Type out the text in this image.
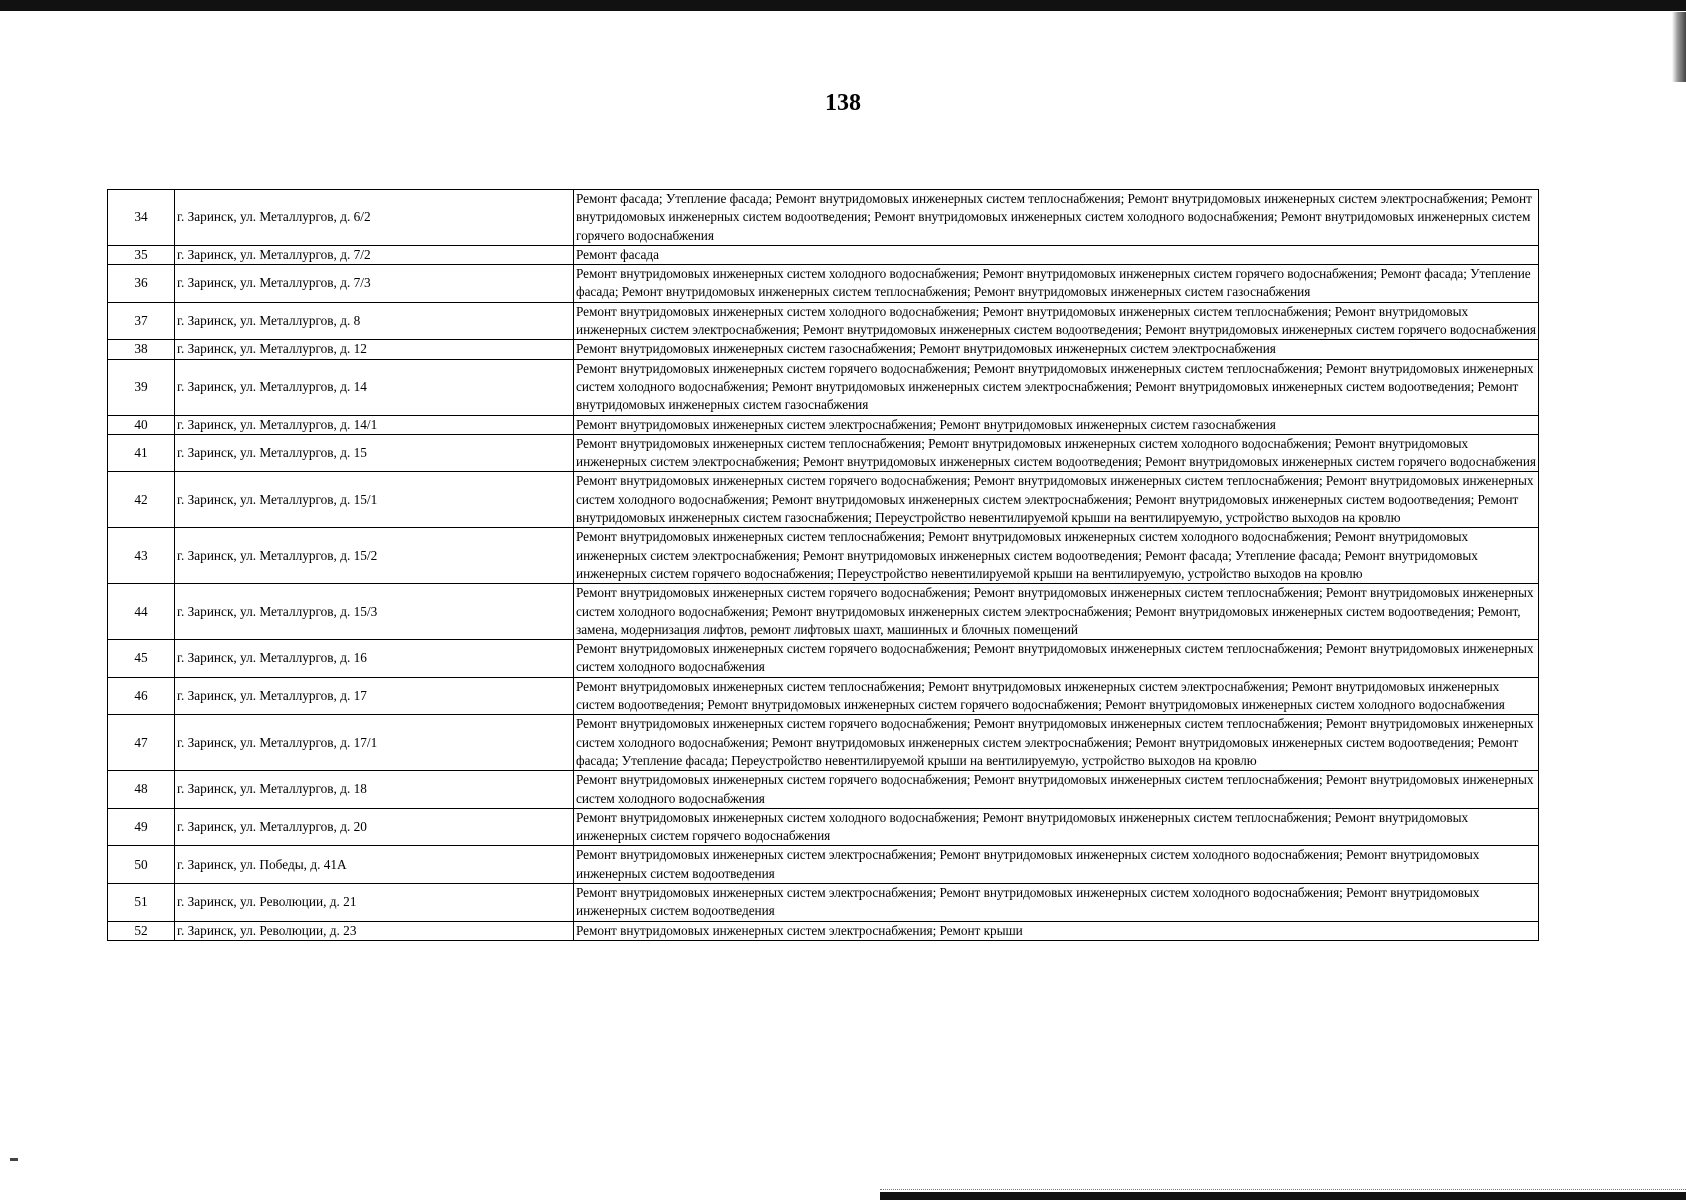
138
34	г. Заринск, ул. Металлургов, д. 6/2	Ремонт фасада; Утепление фасада; Ремонт внутридомовых инженерных систем теплоснабжения; Ремонт внутридомовых инженерных систем электроснабжения; Ремонт внутридомовых инженерных систем водоотведения; Ремонт внутридомовых инженерных систем холодного водоснабжения; Ремонт внутридомовых инженерных систем горячего водоснабжения
35	г. Заринск, ул. Металлургов, д. 7/2	Ремонт фасада
36	г. Заринск, ул. Металлургов, д. 7/3	Ремонт внутридомовых инженерных систем холодного водоснабжения; Ремонт внутридомовых инженерных систем горячего водоснабжения; Ремонт фасада; Утепление фасада; Ремонт внутридомовых инженерных систем теплоснабжения; Ремонт внутридомовых инженерных систем газоснабжения
37	г. Заринск, ул. Металлургов, д. 8	Ремонт внутридомовых инженерных систем холодного водоснабжения; Ремонт внутридомовых инженерных систем теплоснабжения; Ремонт внутридомовых инженерных систем электроснабжения; Ремонт внутридомовых инженерных систем водоотведения; Ремонт внутридомовых инженерных систем горячего водоснабжения
38	г. Заринск, ул. Металлургов, д. 12	Ремонт внутридомовых инженерных систем газоснабжения; Ремонт внутридомовых инженерных систем электроснабжения
39	г. Заринск, ул. Металлургов, д. 14	Ремонт внутридомовых инженерных систем горячего водоснабжения; Ремонт внутридомовых инженерных систем теплоснабжения; Ремонт внутридомовых инженерных систем холодного водоснабжения; Ремонт внутридомовых инженерных систем электроснабжения; Ремонт внутридомовых инженерных систем водоотведения; Ремонт внутридомовых инженерных систем газоснабжения
40	г. Заринск, ул. Металлургов, д. 14/1	Ремонт внутридомовых инженерных систем электроснабжения; Ремонт внутридомовых инженерных систем газоснабжения
41	г. Заринск, ул. Металлургов, д. 15	Ремонт внутридомовых инженерных систем теплоснабжения; Ремонт внутридомовых инженерных систем холодного водоснабжения; Ремонт внутридомовых инженерных систем электроснабжения; Ремонт внутридомовых инженерных систем водоотведения; Ремонт внутридомовых инженерных систем горячего водоснабжения
42	г. Заринск, ул. Металлургов, д. 15/1	Ремонт внутридомовых инженерных систем горячего водоснабжения; Ремонт внутридомовых инженерных систем теплоснабжения; Ремонт внутридомовых инженерных систем холодного водоснабжения; Ремонт внутридомовых инженерных систем электроснабжения; Ремонт внутридомовых инженерных систем водоотведения; Ремонт внутридомовых инженерных систем газоснабжения; Переустройство невентилируемой крыши на вентилируемую, устройство выходов на кровлю
43	г. Заринск, ул. Металлургов, д. 15/2	Ремонт внутридомовых инженерных систем теплоснабжения; Ремонт внутридомовых инженерных систем холодного водоснабжения; Ремонт внутридомовых инженерных систем электроснабжения; Ремонт внутридомовых инженерных систем водоотведения; Ремонт фасада; Утепление фасада; Ремонт внутридомовых инженерных систем горячего водоснабжения; Переустройство невентилируемой крыши на вентилируемую, устройство выходов на кровлю
44	г. Заринск, ул. Металлургов, д. 15/3	Ремонт внутридомовых инженерных систем горячего водоснабжения; Ремонт внутридомовых инженерных систем теплоснабжения; Ремонт внутридомовых инженерных систем холодного водоснабжения; Ремонт внутридомовых инженерных систем электроснабжения; Ремонт внутридомовых инженерных систем водоотведения; Ремонт, замена, модернизация лифтов, ремонт лифтовых шахт, машинных и блочных помещений
45	г. Заринск, ул. Металлургов, д. 16	Ремонт внутридомовых инженерных систем горячего водоснабжения; Ремонт внутридомовых инженерных систем теплоснабжения; Ремонт внутридомовых инженерных систем холодного водоснабжения
46	г. Заринск, ул. Металлургов, д. 17	Ремонт внутридомовых инженерных систем теплоснабжения; Ремонт внутридомовых инженерных систем электроснабжения; Ремонт внутридомовых инженерных систем водоотведения; Ремонт внутридомовых инженерных систем горячего водоснабжения; Ремонт внутридомовых инженерных систем холодного водоснабжения
47	г. Заринск, ул. Металлургов, д. 17/1	Ремонт внутридомовых инженерных систем горячего водоснабжения; Ремонт внутридомовых инженерных систем теплоснабжения; Ремонт внутридомовых инженерных систем холодного водоснабжения; Ремонт внутридомовых инженерных систем электроснабжения; Ремонт внутридомовых инженерных систем водоотведения; Ремонт фасада; Утепление фасада; Переустройство невентилируемой крыши на вентилируемую, устройство выходов на кровлю
48	г. Заринск, ул. Металлургов, д. 18	Ремонт внутридомовых инженерных систем горячего водоснабжения; Ремонт внутридомовых инженерных систем теплоснабжения; Ремонт внутридомовых инженерных систем холодного водоснабжения
49	г. Заринск, ул. Металлургов, д. 20	Ремонт внутридомовых инженерных систем холодного водоснабжения; Ремонт внутридомовых инженерных систем теплоснабжения; Ремонт внутридомовых инженерных систем горячего водоснабжения
50	г. Заринск, ул. Победы, д. 41А	Ремонт внутридомовых инженерных систем электроснабжения; Ремонт внутридомовых инженерных систем холодного водоснабжения; Ремонт внутридомовых инженерных систем водоотведения
51	г. Заринск, ул. Революции, д. 21	Ремонт внутридомовых инженерных систем электроснабжения; Ремонт внутридомовых инженерных систем холодного водоснабжения; Ремонт внутридомовых инженерных систем водоотведения
52	г. Заринск, ул. Революции, д. 23	Ремонт внутридомовых инженерных систем электроснабжения; Ремонт крыши
